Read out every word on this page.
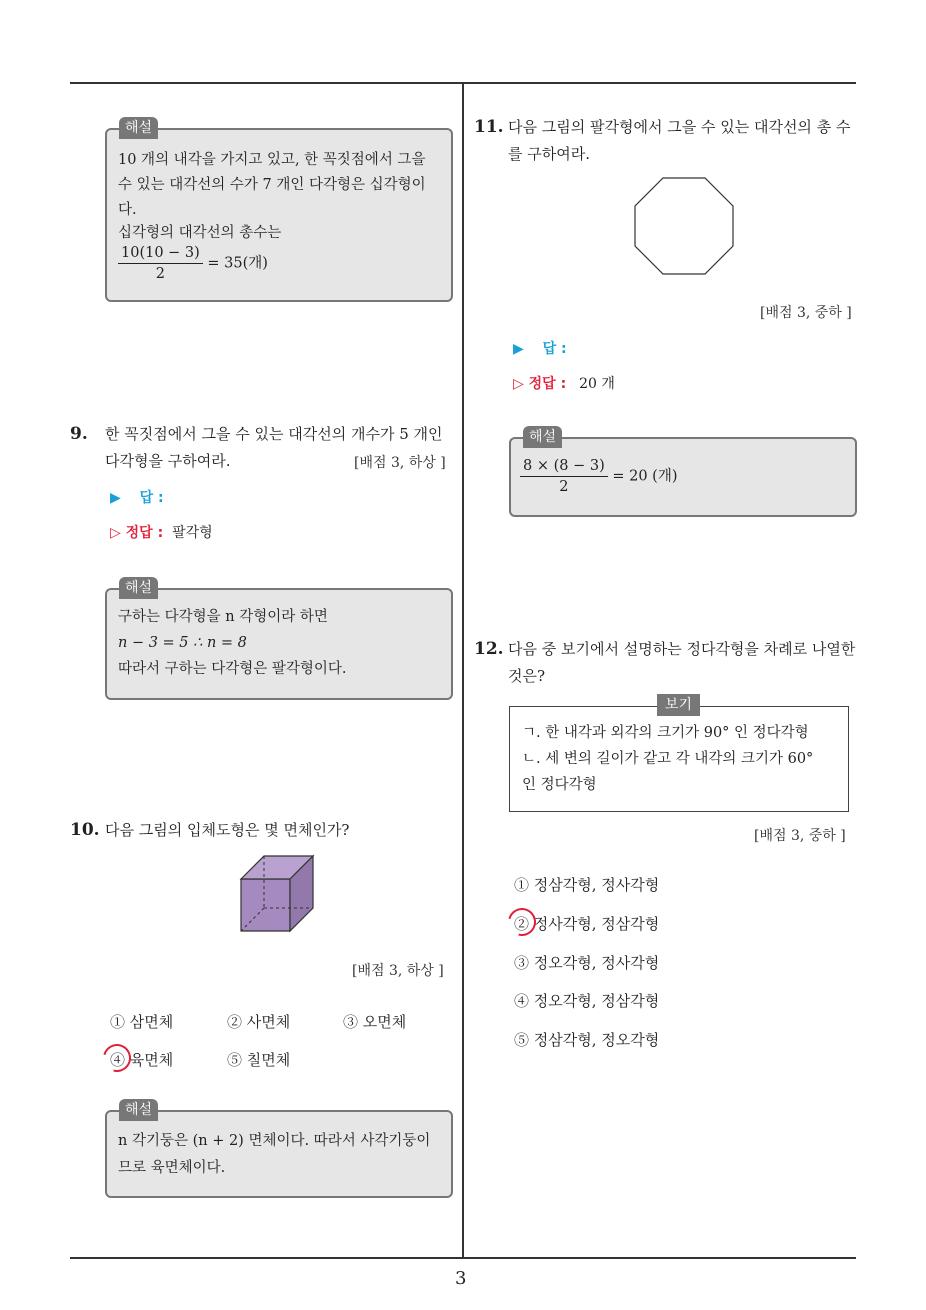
3
해설
10 개의 내각을 가지고 있고, 한 꼭짓점에서 그을
수 있는 대각선의 수가 7 개인 다각형은 십각형이
다.
십각형의 대각선의 총수는
$\frac{10(10 - 3)}{2} = 35$(개)
9. 한 꼭짓점에서 그을 수 있는 대각선의 개수가 5 개인
다각형을 구하여라.	[배점 3, 하상 ]
▶ 답 :
▷ 정답 : 팔각형
해설
구하는 다각형을 n 각형이라 하면
n − 3 = 5 ∴ n = 8
따라서 구하는 다각형은 팔각형이다.
10. 다음 그림의 입체도형은 몇 면체인가?
[배점 3, 하상 ]
① 삼면체	② 사면체	③ 오면체
④ 육면체	⑤ 칠면체
해설
n 각기둥은 (n + 2) 면체이다. 따라서 사각기둥이
므로 육면체이다.
11. 다음 그림의 팔각형에서 그을 수 있는 대각선의 총 수
를 구하여라.
[배점 3, 중하 ]
▶ 답 :
▷ 정답 : 20 개
해설
$\frac{8 \times (8 - 3)}{2} = 20$ (개)
12. 다음 중 보기에서 설명하는 정다각형을 차례로 나열한
것은?
보기
ㄱ. 한 내각과 외각의 크기가 90° 인 정다각형
ㄴ. 세 변의 길이가 같고 각 내각의 크기가 60°
인 정다각형
[배점 3, 중하 ]
① 정삼각형, 정사각형
② 정사각형, 정삼각형
③ 정오각형, 정사각형
④ 정오각형, 정삼각형
⑤ 정삼각형, 정오각형
